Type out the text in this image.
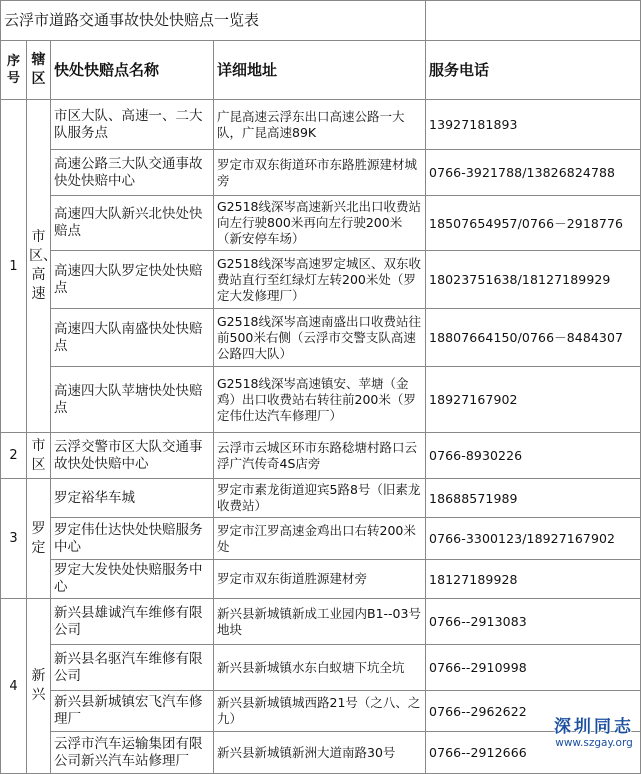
云浮市道路交通事故快处快赔点一览表				
序号	辖区	快处快赔点名称	详细地址	服务电话
1	市区、高速	市区大队、高速一、二大队服务点	广昆高速云浮东出口高速公路一大队，广昆高速89K	13927181893
		高速公路三大队交通事故快处快赔中心	罗定市双东街道环市东路胜源建材城旁	0766-3921788/13826824788
		高速四大队新兴北快处快赔点	G2518线深岑高速新兴北出口收费站向左行驶800米再向左行驶200米（新安停车场）	18507654957/0766－2918776
		高速四大队罗定快处快赔点	G2518线深岑高速罗定城区、双东收费站直行至红绿灯左转200米处（罗定大发修理厂）	18023751638/18127189929
		高速四大队南盛快处快赔点	G2518线深岑高速南盛出口收费站往前500米右侧（云浮市交警支队高速公路四大队）	18807664150/0766－8484307
		高速四大队苹塘快处快赔点	G2518线深岑高速镇安、苹塘（金鸡）出口收费站右转往前200米（罗定伟仕达汽车修理厂）	18927167902
2	市区	云浮交警市区大队交通事故快处快赔中心	云浮市云城区环市东路稔塘村路口云浮广汽传奇4S店旁	0766-8930226
3	罗定	罗定裕华车城	罗定市素龙街道迎宾5路8号（旧素龙收费站）	18688571989
		罗定伟仕达快处快赔服务中心	罗定市江罗高速金鸡出口右转200米处	0766-3300123/18927167902
		罗定大发快处快赔服务中心	罗定市双东街道胜源建材旁	18127189928
4	新兴	新兴县雄诚汽车维修有限公司	新兴县新城镇新成工业园内B1--03号地块	0766--2913083
		新兴县名驱汽车维修有限公司	新兴县新城镇水东白蚁塘下坑全坑	0766--2910998
		新兴县新城镇宏飞汽车修理厂	新兴县新城镇城西路21号（之八、之九）	0766--2962622
		云浮市汽车运输集团有限公司新兴汽车站修理厂	新兴县新城镇新洲大道南路30号	0766--2912666
深圳同志
www.szgay.org
